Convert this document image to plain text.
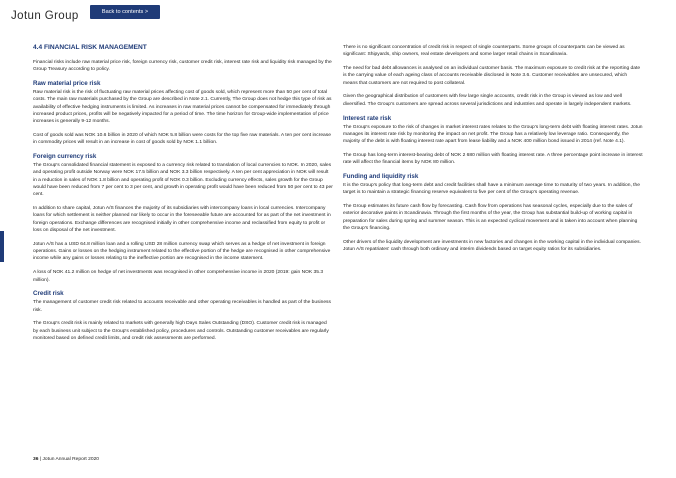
Jotun Group	Back to contents >
4.4 FINANCIAL RISK MANAGEMENT

Financial risks include raw material price risk, foreign currency risk, customer credit risk, interest rate risk and liquidity risk managed by the Group Treasury according to policy.

Raw material price risk

Raw material risk is the risk of fluctuating raw material prices affecting cost of goods sold, which represent more than 50 per cent of total costs. The main raw materials purchased by the Group are described in Note 2.1. Currently, The Group does not hedge this type of risk as availability of effective hedging instruments is limited. As increases in raw material prices cannot be compensated for immediately through increased product prices, profits will be negatively impacted for a period of time. The time horizon for Group-wide implementation of price increases is generally 9-12 months.

Cost of goods sold was NOK 10.6 billion in 2020 of which NOK 5.8 billion were costs for the top five raw materials. A ten per cent increase in commodity prices will result in an increase in cost of goods sold by NOK 1.1 billion.

Foreign currency risk

The Group's consolidated financial statement is exposed to a currency risk related to translation of local currencies to NOK. In 2020, sales and operating profit outside Norway were NOK 17.5 billion and NOK 3.3 billion respectively. A ten per cent appreciation in NOK will result in a reduction in sales of NOK 1.8 billion and operating profit of NOK 0.3 billion. Excluding currency effects, sales growth for the Group would have been reduced from 7 per cent to 3 per cent, and growth in operating profit would have been reduced from 50 per cent to 43 per cent.

In addition to share capital, Jotun A/S finances the majority of its subsidiaries with intercompany loans in local currencies. Intercompany loans for which settlement is neither planned nor likely to occur in the foreseeable future are accounted for as part of the net investment in foreign operations. Exchange differences are recognised initially in other comprehensive income and reclassified from equity to profit or loss on disposal of the net investment.

Jotun A/S has a USD 64.8 million loan and a rolling USD 28 million currency swap which serves as a hedge of net investment in foreign operations. Gains or losses on the hedging instrument related to the effective portion of the hedge are recognised in other comprehensive income while any gains or losses relating to the ineffective portion are recognised in the income statement.

A loss of NOK 41.2 million on hedge of net investments was recognised in other comprehensive income in 2020 (2019: gain NOK 35.3 million).

Credit risk

The management of customer credit risk related to accounts receivable and other operating receivables is handled as part of the business risk.

The Group's credit risk is mainly related to markets with generally high Days Sales Outstanding (DSO). Customer credit risk is managed by each business unit subject to the Group's established policy, procedures and controls. Outstanding customer receivables are regularly monitored based on defined credit limits, and credit risk assessments are performed.

There is no significant concentration of credit risk in respect of single counterparts. Some groups of counterparts can be viewed as significant: Shipyards, ship owners, real estate developers and some larger retail chains in Scandinavia.

The need for bad debt allowances is analysed on an individual customer basis. The maximum exposure to credit risk at the reporting date is the carrying value of each ageing class of accounts receivable disclosed in Note 3.6. Customer receivables are unsecured, which means that customers are not required to post collateral.

Given the geographical distribution of customers with few large single accounts, credit risk in the Group is viewed as low and well diversified. The Group's customers are spread across several jurisdictions and industries and operate in largely independent markets.

Interest rate risk

The Group's exposure to the risk of changes in market interest rates relates to the Group's long-term debt with floating interest rates. Jotun manages its interest rate risk by monitoring the impact on net profit. The Group has a relatively low leverage ratio. Consequently, the majority of the debt is with floating interest rate apart from lease liability and a NOK 400 million bond issued in 2014 (ref. Note 4.1).

The Group has long-term interest-bearing debt of NOK 2 680 million with floating interest rate. A three percentage point increase in interest rate will affect the financial items by NOK 80 million.

Funding and liquidity risk

It is the Group's policy that long-term debt and credit facilities shall have a minimum average time to maturity of two years. In addition, the target is to maintain a strategic financing reserve equivalent to five per cent of the Group's operating revenue.

The Group estimates its future cash flow by forecasting. Cash flow from operations has seasonal cycles, especially due to the sales of exterior decorative paints in Scandinavia. Through the first months of the year, the Group has substantial build-up of working capital in preparation for sales during spring and summer season. This is an expected cyclical movement and is taken into account when planning the Group's financing.

Other drivers of the liquidity development are investments in new factories and changes in the working capital in the individual companies. Jotun A/S repatriates' cash through both ordinary and interim dividends based on target equity ratios for its subsidiaries.

36 | Jotun Annual Report 2020
